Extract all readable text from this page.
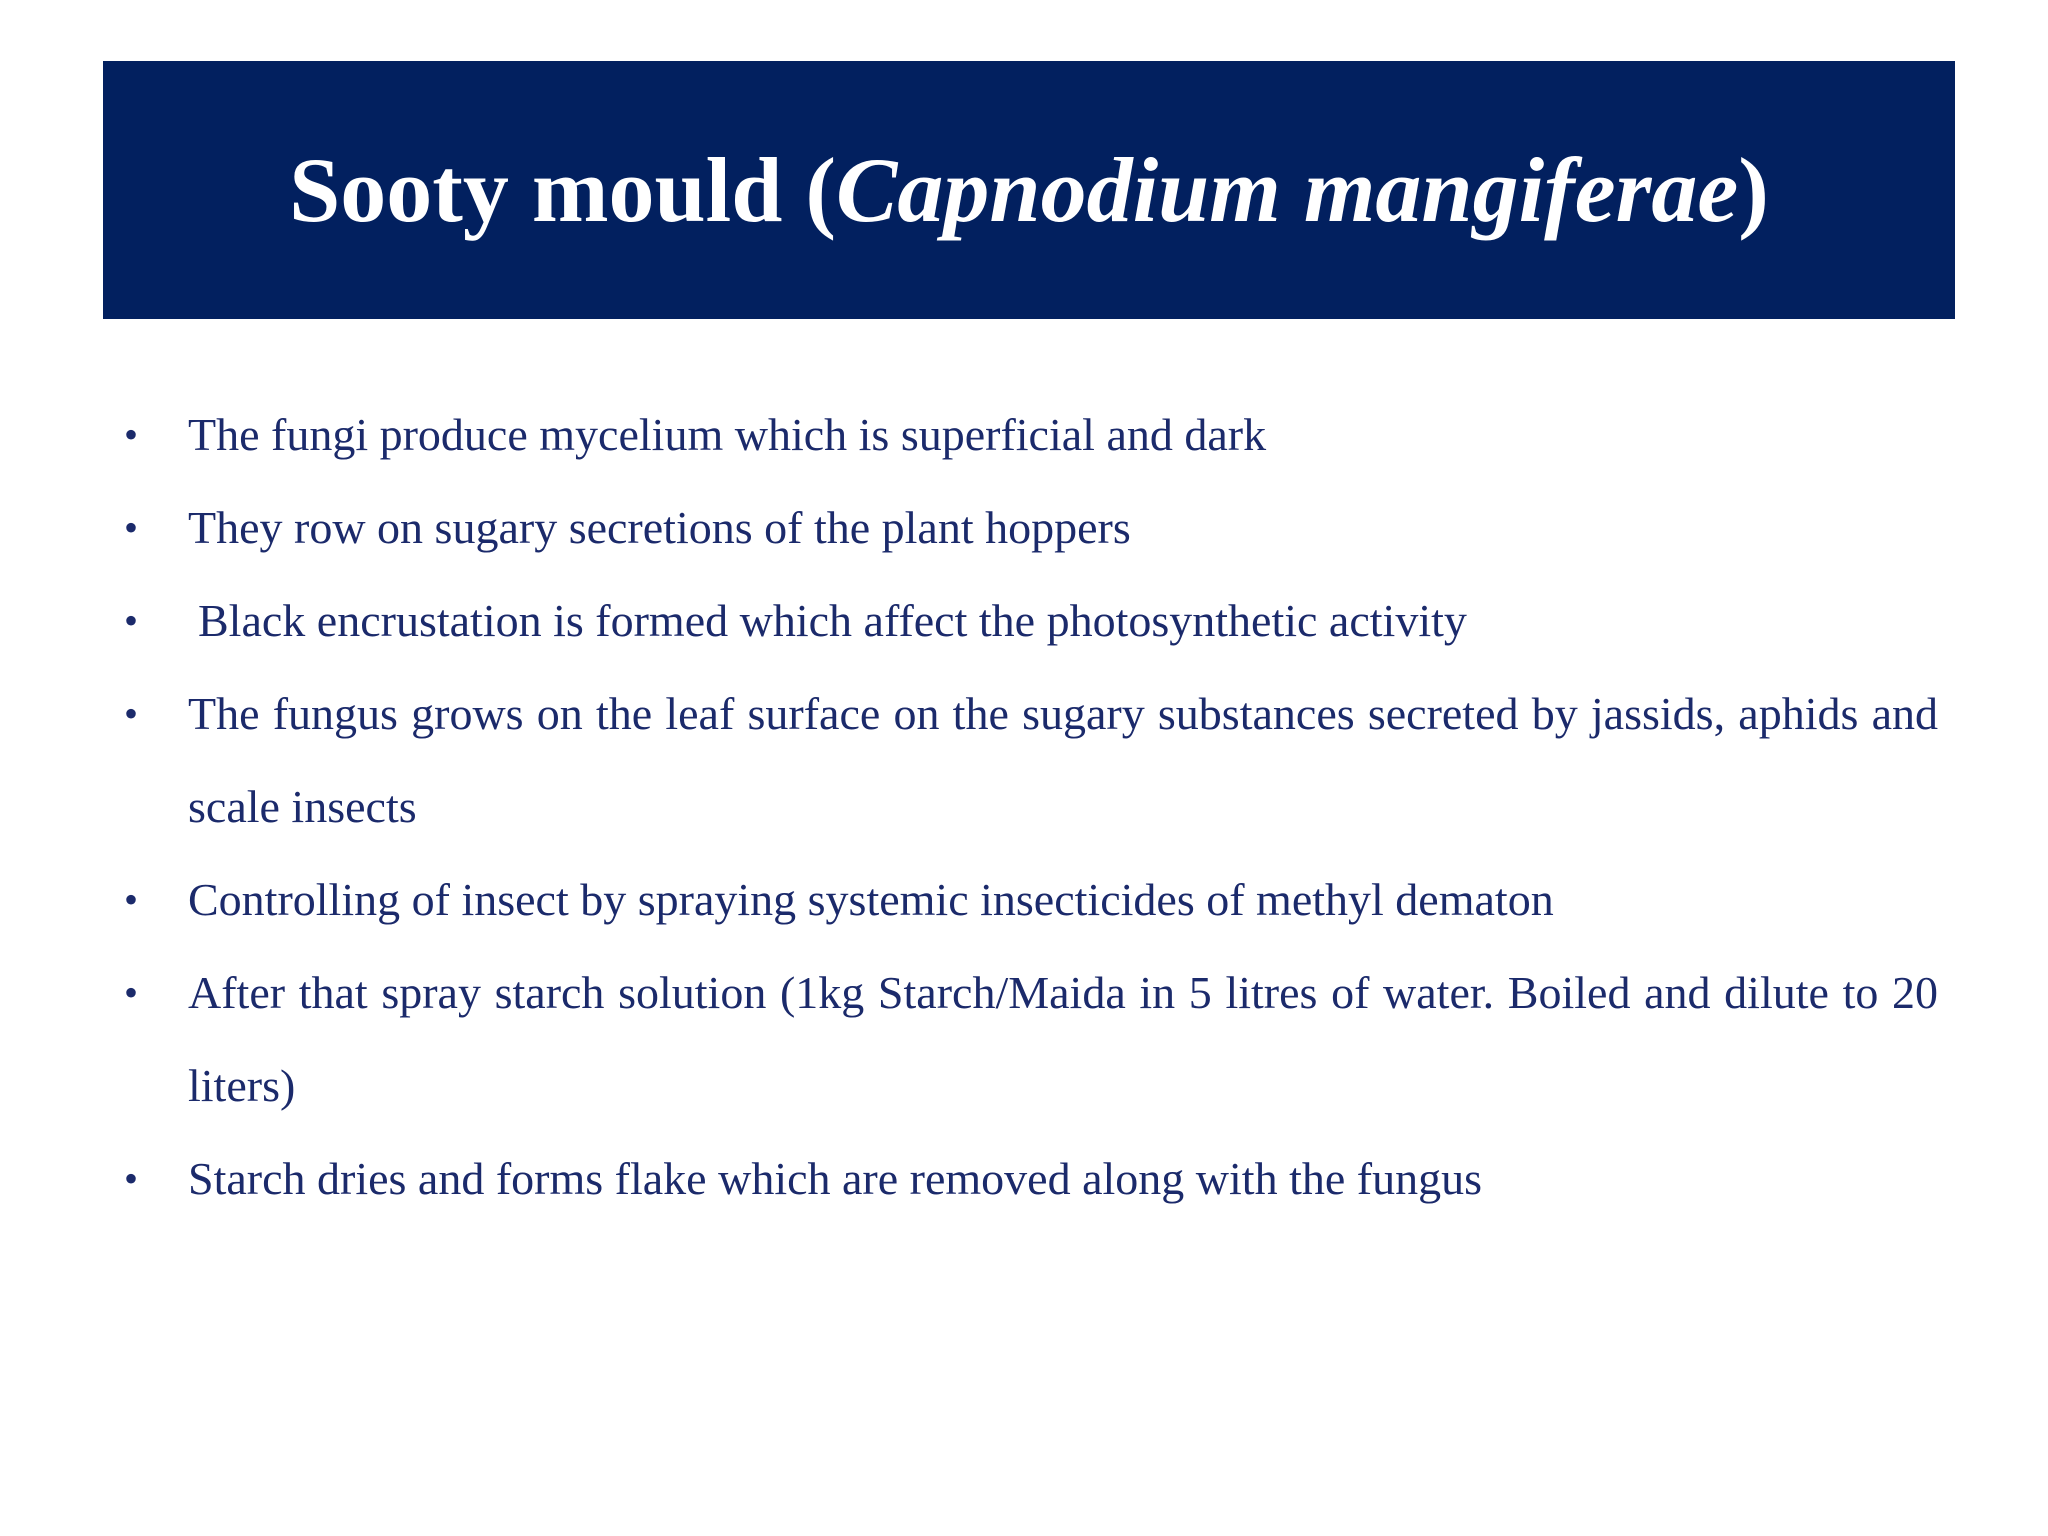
Sooty mould (Capnodium mangiferae)
• The fungi produce mycelium which is superficial and dark
• They row on sugary secretions of the plant hoppers
• Black encrustation is formed which affect the photosynthetic activity
• The fungus grows on the leaf surface on the sugary substances secreted by jassids, aphids and scale insects
• Controlling of insect by spraying systemic insecticides of methyl dematon
• After that spray starch solution (1kg Starch/Maida in 5 litres of water. Boiled and dilute to 20 liters)
• Starch dries and forms flake which are removed along with the fungus
